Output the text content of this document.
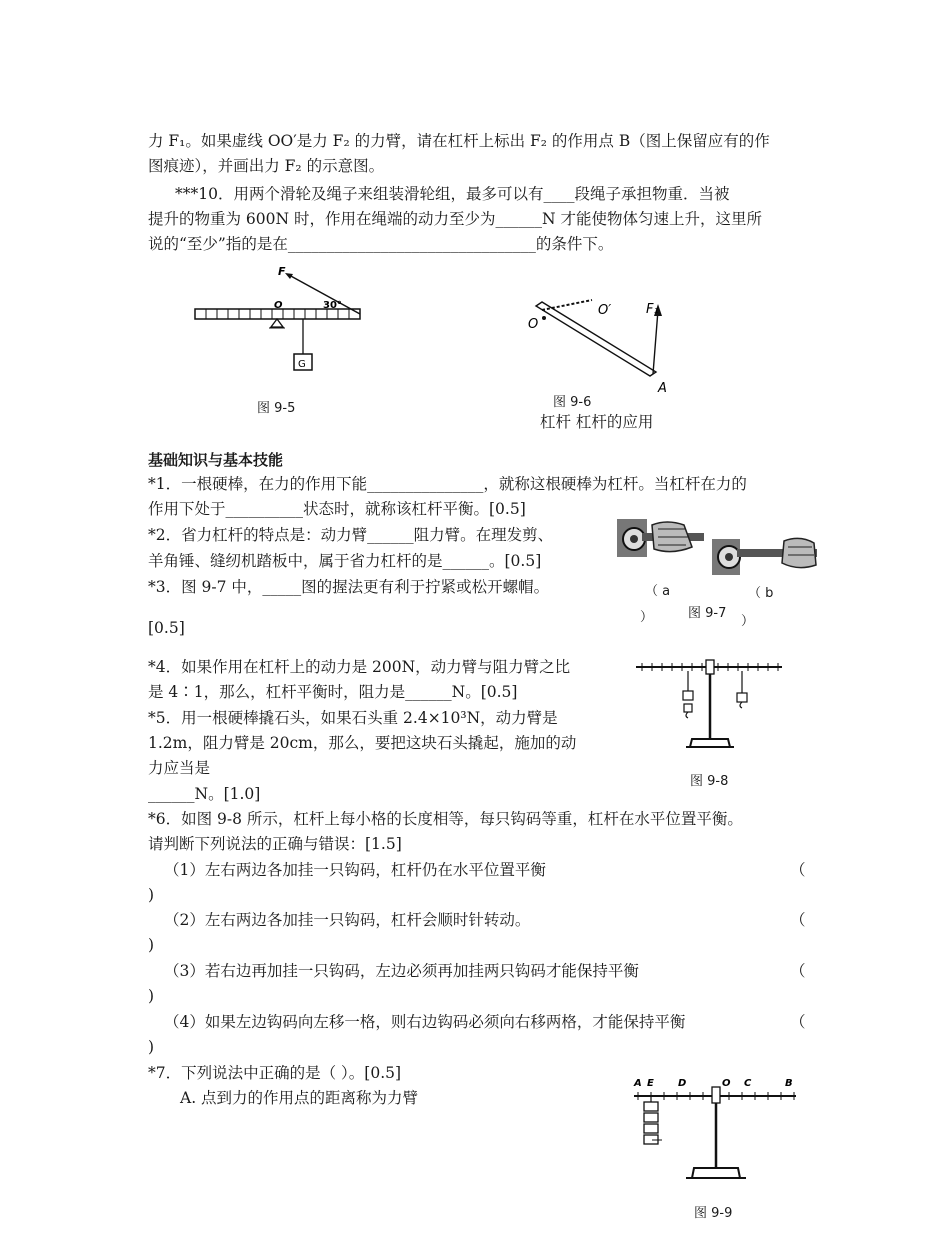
力 F₁。如果虚线 OO′是力 F₂ 的力臂，请在杠杆上标出 F₂ 的作用点 B（图上保留应有的作
图痕迹），并画出力 F₂ 的示意图。
***10．用两个滑轮及绳子来组装滑轮组，最多可以有____段绳子承担物重．当被
提升的物重为 600N 时，作用在绳端的动力至少为______N 才能使物体匀速上升，这里所
说的“至少”指的是在________________________________的条件下。
G
F
O	30°
图 9-5
O
O′	F₁
A
图 9-6
杠杆 杠杆的应用
基础知识与基本技能
*1．一根硬棒，在力的作用下能_______________，就称这根硬棒为杠杆。当杠杆在力的
作用下处于__________状态时，就称该杠杆平衡。[0.5]
*2．省力杠杆的特点是：动力臂______阻力臂。在理发剪、
羊角锤、缝纫机踏板中，属于省力杠杆的是______。[0.5]
*3．图 9-7 中，_____图的握法更有利于拧紧或松开螺帽。
[0.5]
（ a
）
（ b
）
图 9-7
*4．如果作用在杠杆上的动力是 200N，动力臂与阻力臂之比
是 4∶1，那么，杠杆平衡时，阻力是______N。[0.5]
*5．用一根硬棒撬石头，如果石头重 2.4×10³N，动力臂是
1.2m，阻力臂是 20cm，那么，要把这块石头撬起，施加的动
力应当是
______N。[1.0]
图 9-8
*6．如图 9-8 所示，杠杆上每小格的长度相等，每只钩码等重，杠杆在水平位置平衡。
请判断下列说法的正确与错误：[1.5]
（1）左右两边各加挂一只钩码，杠杆仍在水平位置平衡	（
)
（2）左右两边各加挂一只钩码，杠杆会顺时针转动。	（
)
（3）若右边再加挂一只钩码，左边必须再加挂两只钩码才能保持平衡	（
)
（4）如果左边钩码向左移一格，则右边钩码必须向右移两格，才能保持平衡	（
)
*7．下列说法中正确的是（ ）。[0.5]
A. 点到力的作用点的距离称为力臂
A E D	O C	B
图 9-9
